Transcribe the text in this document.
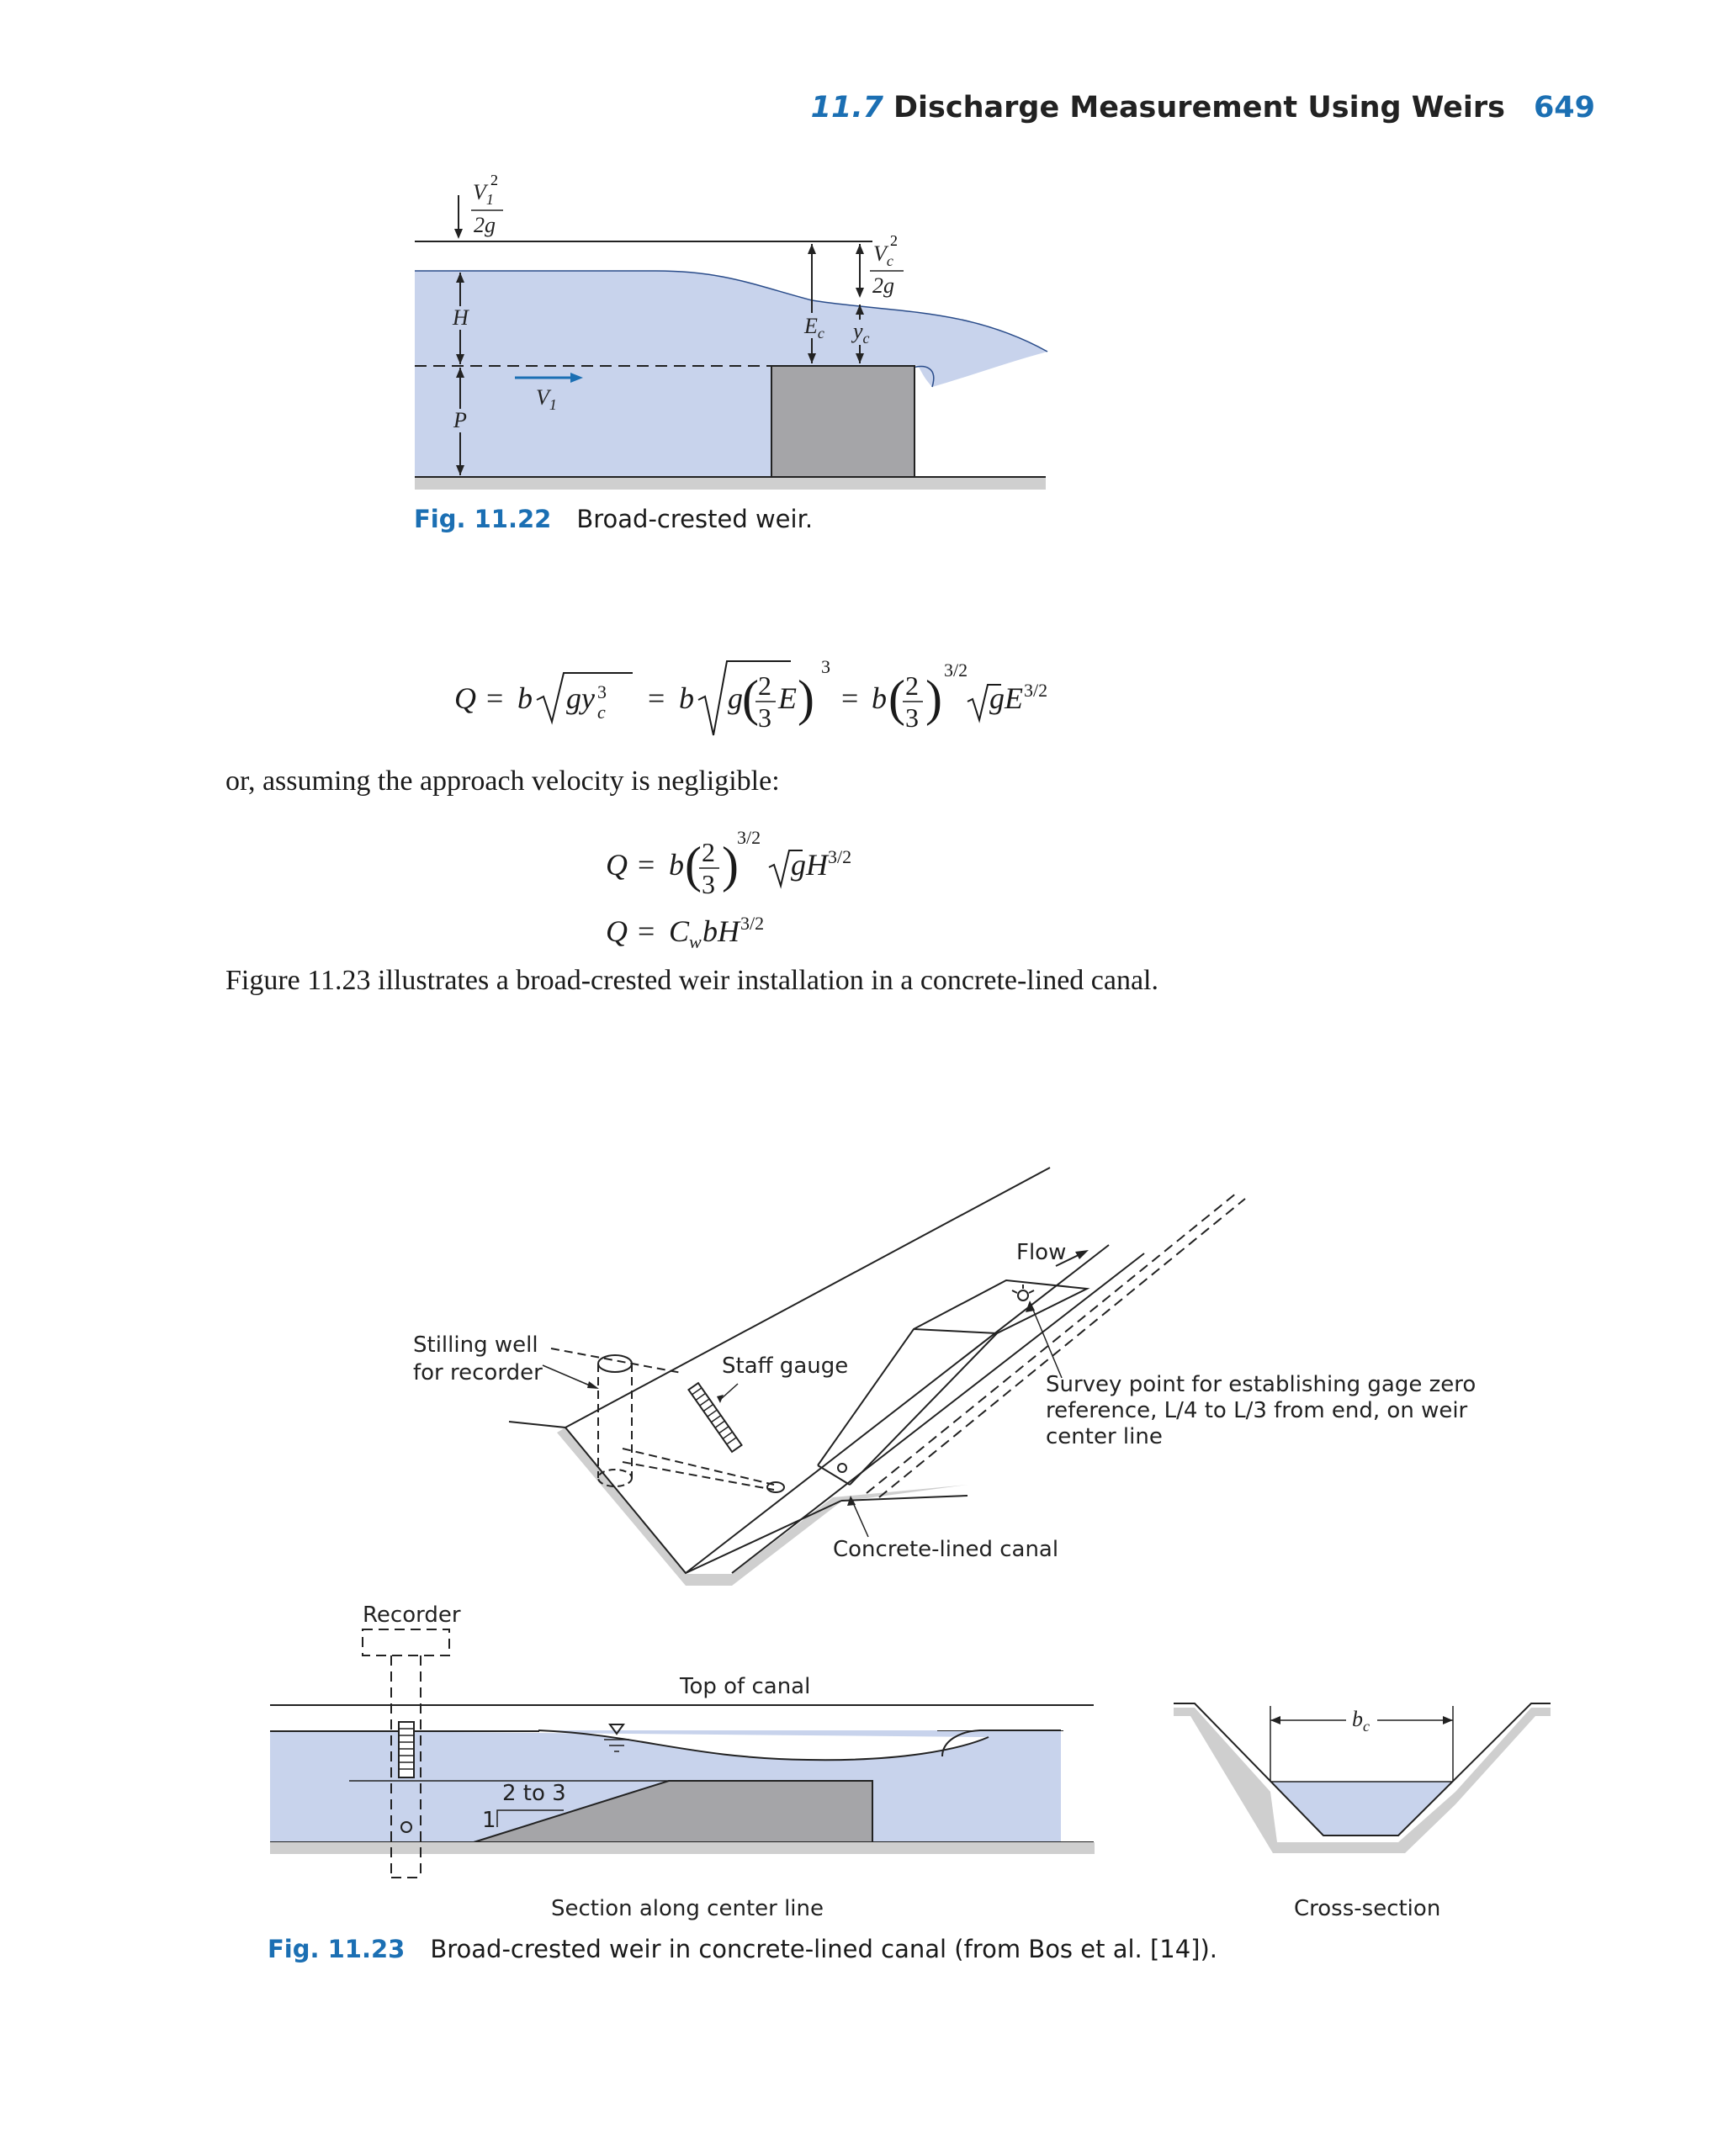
11.7 Discharge Measurement Using Weirs 649
$V_1$
2
2g
H
P
$V_1$
$E_c$ $y_c$
$V_c$
2
2g
Fig. 11.22 Broad-crested weir.
Q = b gy 3
c = b g ( 2
3
E )
3
= b ( 2
3 )
3/2
gE 3/2
or, assuming the approach velocity is negligible:
Q = b ( 2
3 )
3/2
gH 3/2
Q = C w bH 3/2
Figure 11.23 illustrates a broad-crested weir installation in a concrete-lined canal.
Flow
Stilling well
for recorder	Staff gauge
Survey point for establishing gage zero
reference, L/4 to L/3 from end, on weir
center line
Concrete-lined canal
Top of canal
2 to 3
1
Recorder
Section along center line
$b_c$
Cross-section
Fig. 11.23 Broad-crested weir in concrete-lined canal (from Bos et al. [14]).
